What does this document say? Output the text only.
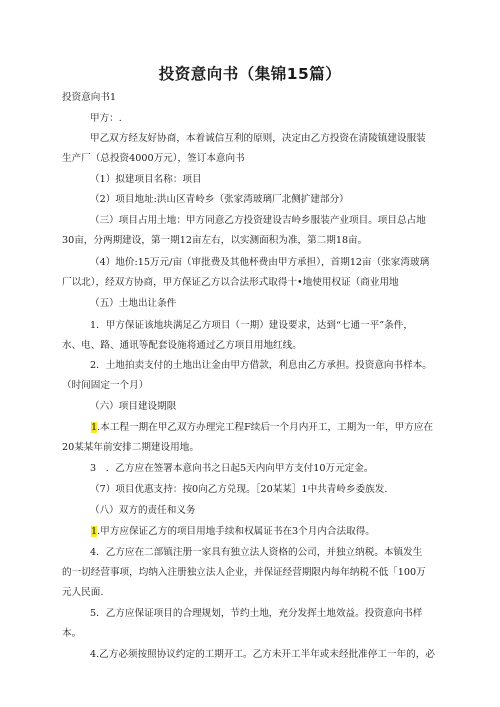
投资意向书（集锦15篇）
投资意向书1
甲方：.
甲乙双方经友好协商，本着诚信互利的原则，决定由乙方投资在清陵镇建设服装
生产厂（总投资4000万元），签订本意向书
（1）拟建项目名称：项目
（2）项目地址:洪山区青岭乡（张家湾玻璃厂北侧扩建部分）
（三）项目占用土地：甲方同意乙方投资建设吉岭乡服装产业项目。项目总占地
30亩，分两期建设，第一期12亩左右，以实测面积为准，第二期18亩。
（4）地价:15万元/亩（审批费及其他杯费由甲方承担），首期12亩（张家湾玻璃
厂以北），经双方协商，甲方保证乙方以合法形式取得十•地使用权证（商业用地
（五）土地出让条件
1．甲方保证该地块满足乙方项目（一期）建设要求，达到“七通一平”条件，
水、电、路、通讯等配套设施将通过乙方项目用地红线。
2．土地拍卖支付的土地出让金由甲方借款，利息由乙方承担。投资意向书样本。
（时间固定一个月）
（六）项目建设期限
1.本工程一期在甲乙双方办理完工程F续后一个月内开工，工期为一年，甲方应在
20某某年前安排二期建设用地。
3　．乙方应在签署本意向书之日起5天内向甲方支付10万元定金。
（7）项目优惠支持：按0向乙方兑现。［20某某］1中共青岭乡委族发.
（八）双方的责任和义务
1.甲方应保证乙方的项目用地手续和权属证书在3个月内合法取得。
4．乙方应在二部镇注册一家具有独立法人资格的公司，并独立纳税。本镇发生
的一切经营事项，均纳入注册独立法人企业，并保证经营期限内每年纳税不低「100万
元人民面.
5．乙方应保证项目的合理规划，节约土地，充分发挥土地效益。投资意向书样
本。
4.乙方必须按照协议约定的工期开工。乙方未开工半年或未经批准停工一年的，必
